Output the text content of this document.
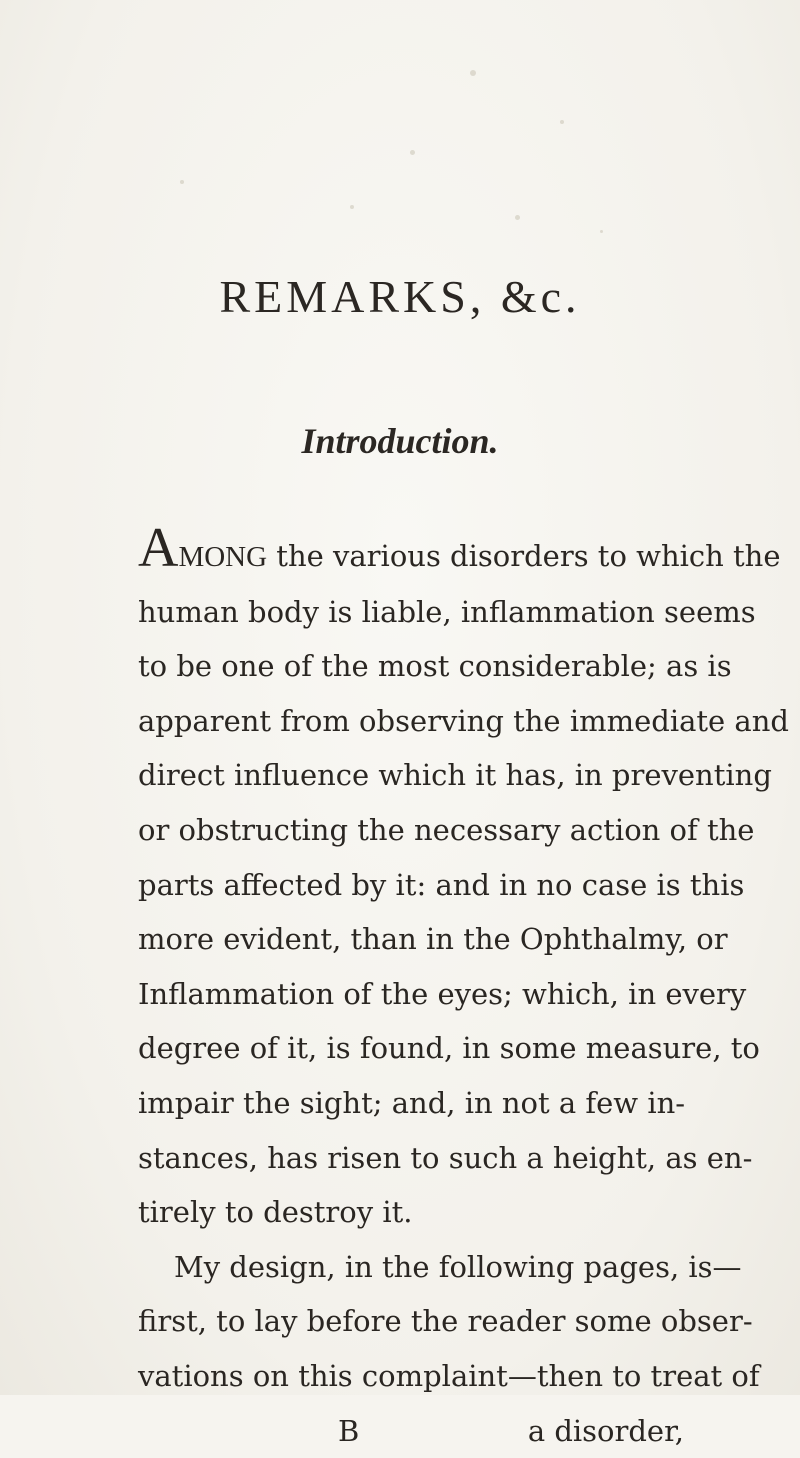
REMARKS, &c.
Introduction.
AMONG the various disorders to which the
human body is liable, inflammation seems
to be one of the most considerable; as is
apparent from observing the immediate and
direct influence which it has, in preventing
or obstructing the necessary action of the
parts affected by it: and in no case is this
more evident, than in the Ophthalmy, or
Inflammation of the eyes; which, in every
degree of it, is found, in some measure, to
impair the sight; and, in not a few in-
stances, has risen to such a height, as en-
tirely to destroy it.
My design, in the following pages, is—
first, to lay before the reader some obser-
vations on this complaint—then to treat of
B	a disorder,
